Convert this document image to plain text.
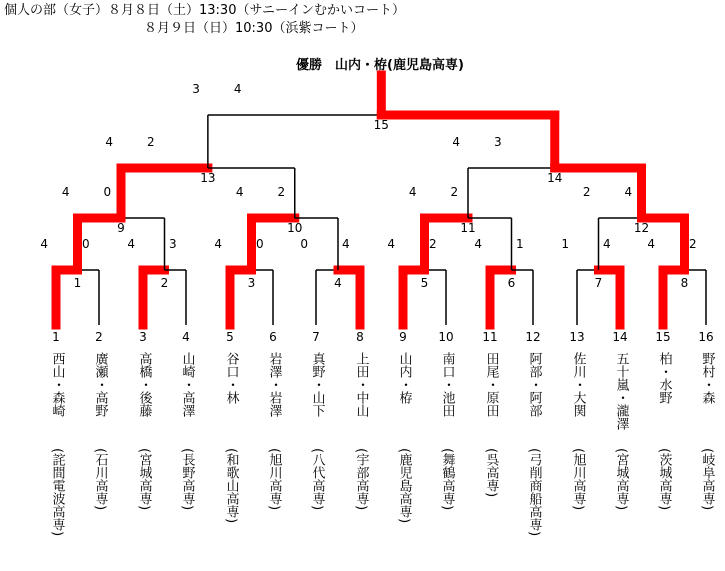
個人の部（女子）８月８日（土）13:30（サニーインむかいコート）
８月９日（日）10:30（浜紫コート）
優勝　山内・栫(鹿児島高専)
4	0
1
4	3
2
4	0
3
0	4
4
4	2
5
4	1
6
1	4
7
4	2
8
4	0
9
4	2
10
4	2
11
2	4
12
4	2
13
4	3
14
3	4
15
1
西山・森崎
(詫間電波高専)
2
廣瀬・高野
(石川高専)
3
高橋・後藤
(宮城高専)
4
山崎・高澤
(長野高専)
5
谷口・林
(和歌山高専)
6
岩澤・岩澤
(旭川高専)
7
真野・山下
(八代高専)
8
上田・中山
(宇部高専)
9
山内・栫
(鹿児島高専)
10
南口・池田
(舞鶴高専)
11
田尾・原田
(呉高専)
12
阿部・阿部
(弓削商船高専)
13
佐川・大関
(旭川高専)
14
五十嵐・瀧澤
(宮城高専)
15
柏・水野
(茨城高専)
16
野村・森
(岐阜高専)
